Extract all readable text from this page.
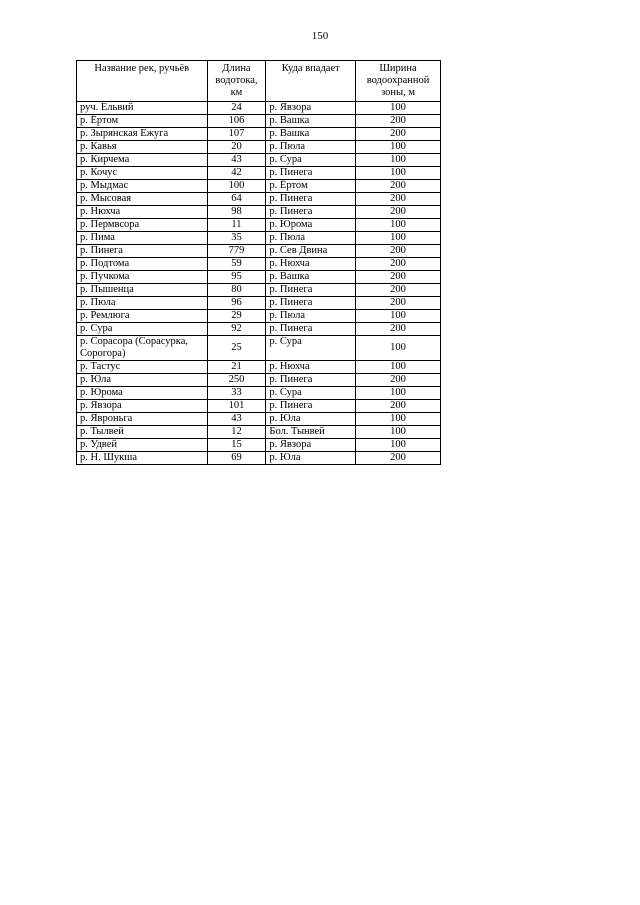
150
Название рек, ручьёв	Длина водотока, км	Куда впадает	Ширина водоохранной зоны, м
руч. Ельвий	24	р. Явзора	100
р. Ёртом	106	р. Вашка	200
р. Зырянская Ежуга	107	р. Вашка	200
р. Кавья	20	р. Пюла	100
р. Кирчема	43	р. Сура	100
р. Кочус	42	р. Пинега	100
р. Мыдмас	100	р. Ёртом	200
р. Мысовая	64	р. Пинега	200
р. Нюхча	98	р. Пинега	200
р. Пермвсора	11	р. Юрома	100
р. Пима	35	р. Пюла	100
р. Пинега	779	р. Сев Двина	200
р. Подтома	59	р. Нюхча	200
р. Пучкома	95	р. Вашка	200
р. Пышенца	80	р. Пинега	200
р. Пюла	96	р. Пинега	200
р. Ремлюга	29	р. Пюла	100
р. Сура	92	р. Пинега	200
р. Сорасора (Сорасурка, Сорогора)	25	р. Сура	100
р. Тастус	21	р. Нюхча	100
р. Юла	250	р. Пинега	200
р. Юрома	33	р. Сура	100
р. Явзора	101	р. Пинега	200
р. Явроньга	43	р. Юла	100
р. Тылвей	12	Бол. Тынвей	100
р. Удвей	15	р. Явзора	100
р. Н. Шукша	69	р. Юла	200
